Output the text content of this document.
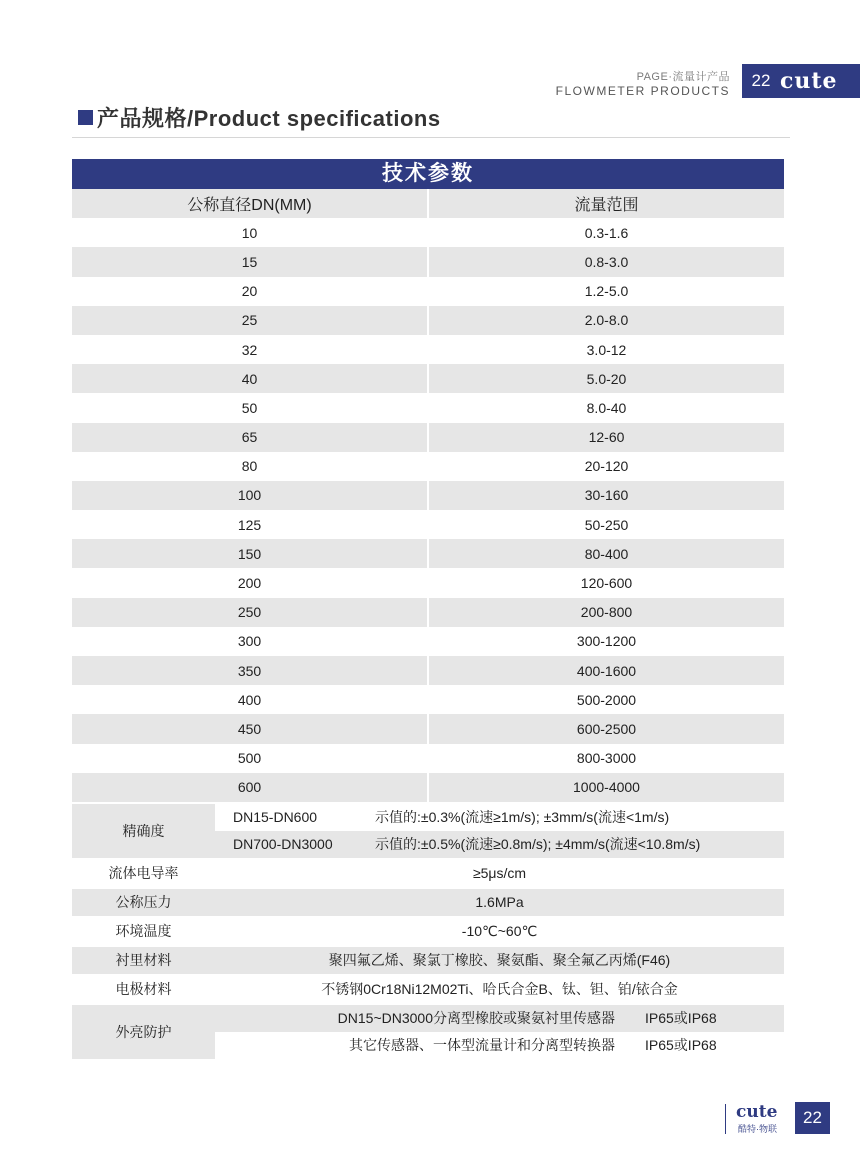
PAGE·流量计产品
FLOWMETER PRODUCTS
22 cute
产品规格/Product specifications
技术参数
公称直径DN(MM)	流量范围
10	0.3-1.6
15	0.8-3.0
20	1.2-5.0
25	2.0-8.0
32	3.0-12
40	5.0-20
50	8.0-40
65	12-60
80	20-120
100	30-160
125	50-250
150	80-400
200	120-600
250	200-800
300	300-1200
350	400-1600
400	500-2000
450	600-2500
500	800-3000
600	1000-4000
精确度
DN15-DN600	示值的:±0.3%(流速≥1m/s); ±3mm/s(流速<1m/s)
DN700-DN3000	示值的:±0.5%(流速≥0.8m/s); ±4mm/s(流速<10.8m/s)
流体电导率	≥5μs/cm
公称压力	1.6MPa
环境温度	-10℃~60℃
衬里材料	聚四氟乙烯、聚氯丁橡胶、聚氨酯、聚全氟乙丙烯(F46)
电极材料	不锈钢0Cr18Ni12M02Ti、哈氏合金B、钛、钽、铂/铱合金
外亮防护
DN15~DN3000分离型橡胶或聚氨衬里传感器	IP65或IP68
其它传感器、一体型流量计和分离型转换器	IP65或IP68
cute
酷特·物联
22
